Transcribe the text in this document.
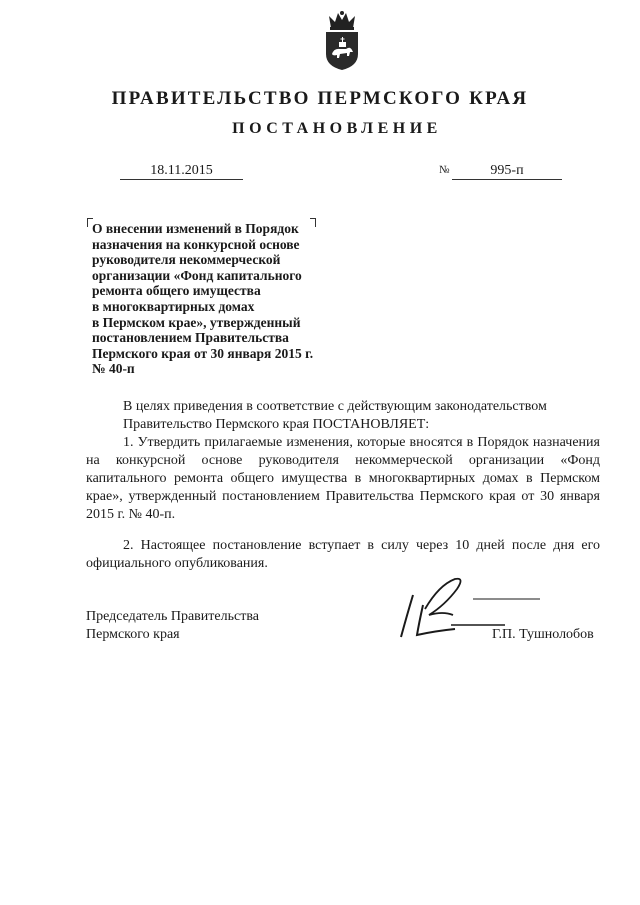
ПРАВИТЕЛЬСТВО ПЕРМСКОГО КРАЯ
ПОСТАНОВЛЕНИЕ
18.11.2015	№	995-п
О внесении изменений в Порядок
назначения на конкурсной основе
руководителя некоммерческой
организации «Фонд капитального
ремонта общего имущества
в многоквартирных домах
в Пермском крае», утвержденный
постановлением Правительства
Пермского края от 30 января 2015 г.
№ 40-п
В целях приведения в соответствие с действующим законодательством
Правительство Пермского края ПОСТАНОВЛЯЕТ:
1. Утвердить прилагаемые изменения, которые вносятся в Порядок назначения на конкурсной основе руководителя некоммерческой организации «Фонд капитального ремонта общего имущества в многоквартирных домах в Пермском крае», утвержденный постановлением Правительства Пермского края от 30 января 2015 г. № 40-п.
2. Настоящее постановление вступает в силу через 10 дней после дня его официального опубликования.
Председатель Правительства Пермского края	Г.П. Тушнолобов
